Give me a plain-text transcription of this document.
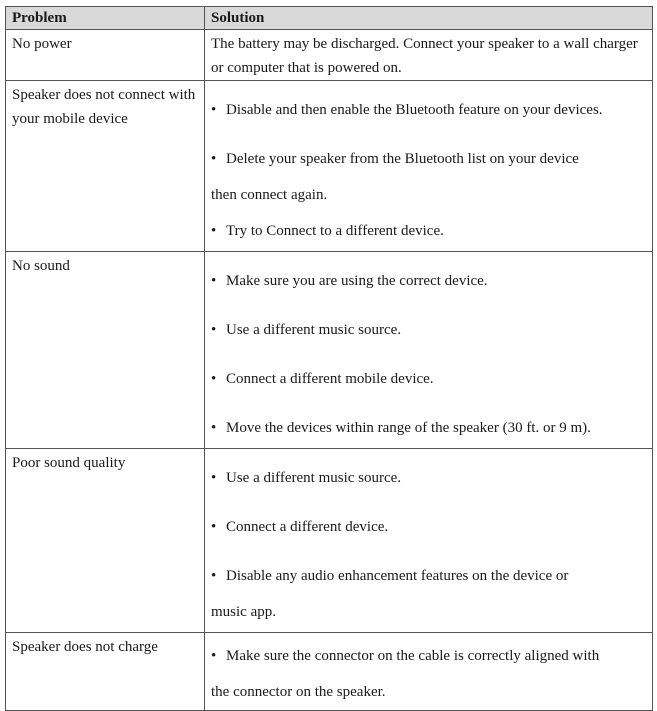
Problem	Solution
No power	The battery may be discharged. Connect your speaker to a wall charger or computer that is powered on.

Speaker does not connect with your mobile device	• Disable and then enable the Bluetooth feature on your devices.

• Delete your speaker from the Bluetooth list on your device

then connect again.

• Try to Connect to a different device.

No sound	• Make sure you are using the correct device.

• Use a different music source.

• Connect a different mobile device.

• Move the devices within range of the speaker (30 ft. or 9 m).

Poor sound quality	• Use a different music source.

• Connect a different device.

• Disable any audio enhancement features on the device or

music app.

Speaker does not charge	• Make sure the connector on the cable is correctly aligned with

the connector on the speaker.
